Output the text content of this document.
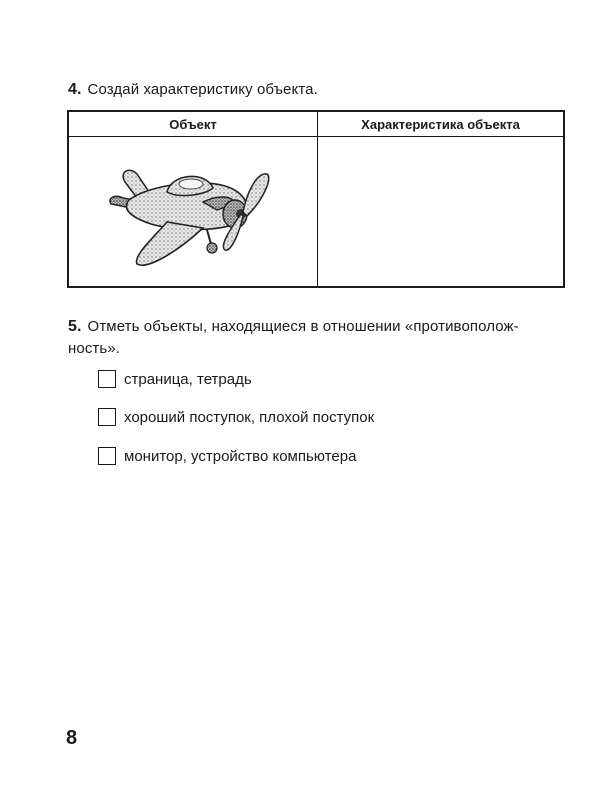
4. Создай характеристику объекта.
Объект	Характеристика объекта

5. Отметь объекты, находящиеся в отношении «противополож-
ность».
страница, тетрадь
хороший поступок, плохой поступок
монитор, устройство компьютера
8
